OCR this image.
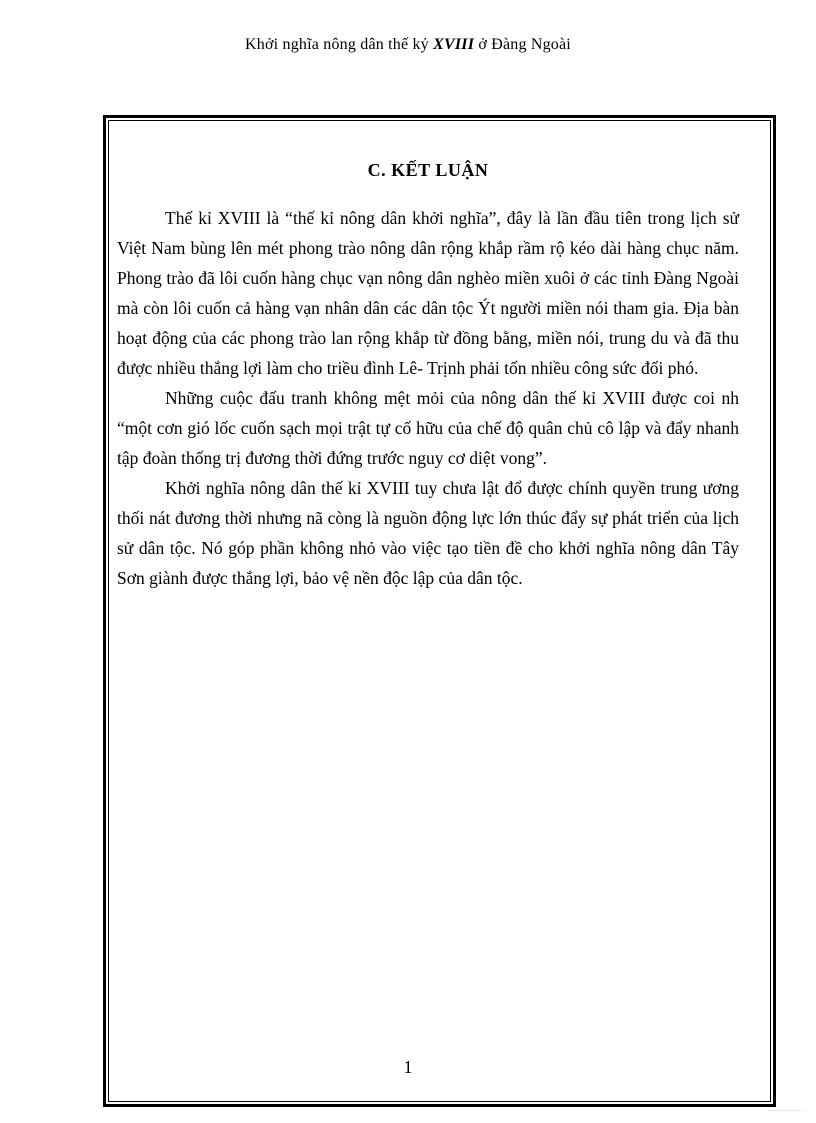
Khởi nghĩa nông dân thế kỷ XVIII ở Đàng Ngoài
C. KẾT LUẬN

Thế kỉ XVIII là “thế kỉ nông dân khởi nghĩa”, đây là lần đầu tiên trong lịch sử Việt Nam bùng lên mét phong trào nông dân rộng khắp rầm rộ kéo dài hàng chục năm. Phong trào đã lôi cuốn hàng chục vạn nông dân nghèo miền xuôi ở các tỉnh Đàng Ngoài mà còn lôi cuốn cả hàng vạn nhân dân các dân tộc Ýt người miền nói tham gia. Địa bàn hoạt động của các phong trào lan rộng khắp từ đồng bằng, miền nói, trung du và đã thu được nhiều thắng lợi làm cho triều đình Lê- Trịnh phải tốn nhiều công sức đối phó.

Những cuộc đấu tranh không mệt mỏi của nông dân thế kỉ XVIII được coi nh “một cơn gió lốc cuốn sạch mọi trật tự cố hữu của chế độ quân chủ cô lập và đẩy nhanh tập đoàn thống trị đương thời đứng trước nguy cơ diệt vong”.

Khởi nghĩa nông dân thế kỉ XVIII tuy chưa lật đổ được chính quyền trung ương thối nát đương thời nhưng nã còng là nguồn động lực lớn thúc đẩy sự phát triển của lịch sử dân tộc. Nó góp phần không nhỏ vào việc tạo tiền đề cho khởi nghĩa nông dân Tây Sơn giành được thắng lợi, bảo vệ nền độc lập của dân tộc.

1
